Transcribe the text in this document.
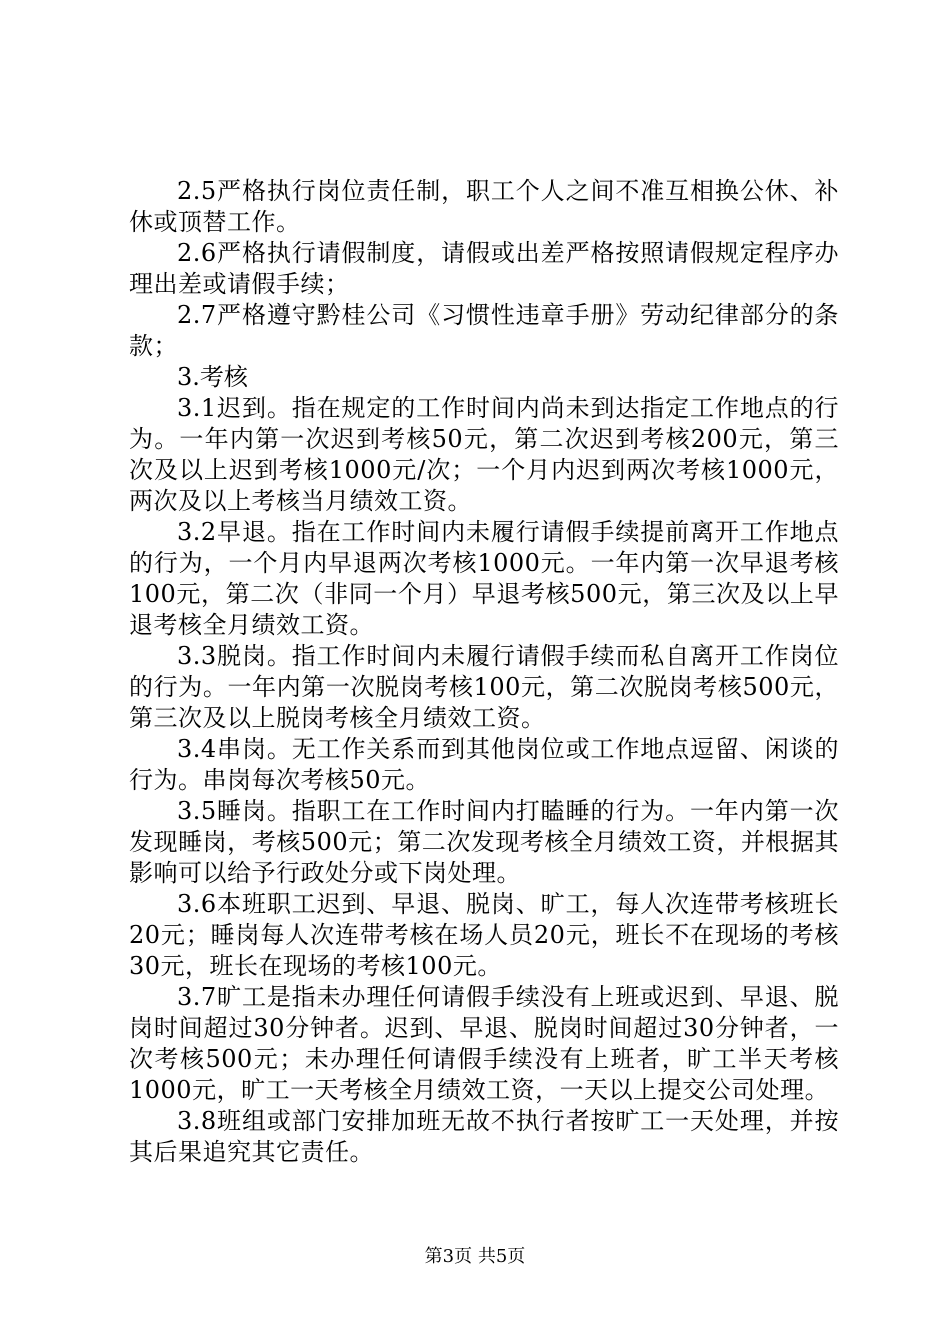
2.5严格执行岗位责任制，职工个人之间不准互相换公休、补休或顶替工作。

2.6严格执行请假制度，请假或出差严格按照请假规定程序办理出差或请假手续；

2.7严格遵守黔桂公司《习惯性违章手册》劳动纪律部分的条款；

3.考核

3.1迟到。指在规定的工作时间内尚未到达指定工作地点的行为。一年内第一次迟到考核50元，第二次迟到考核200元，第三次及以上迟到考核1000元/次；一个月内迟到两次考核1000元，两次及以上考核当月绩效工资。

3.2早退。指在工作时间内未履行请假手续提前离开工作地点的行为，一个月内早退两次考核1000元。一年内第一次早退考核100元，第二次（非同一个月）早退考核500元，第三次及以上早退考核全月绩效工资。

3.3脱岗。指工作时间内未履行请假手续而私自离开工作岗位的行为。一年内第一次脱岗考核100元，第二次脱岗考核500元，第三次及以上脱岗考核全月绩效工资。

3.4串岗。无工作关系而到其他岗位或工作地点逗留、闲谈的行为。串岗每次考核50元。

3.5睡岗。指职工在工作时间内打瞌睡的行为。一年内第一次发现睡岗，考核500元；第二次发现考核全月绩效工资，并根据其影响可以给予行政处分或下岗处理。

3.6本班职工迟到、早退、脱岗、旷工，每人次连带考核班长20元；睡岗每人次连带考核在场人员20元，班长不在现场的考核30元，班长在现场的考核100元。

3.7旷工是指未办理任何请假手续没有上班或迟到、早退、脱岗时间超过30分钟者。迟到、早退、脱岗时间超过30分钟者，一次考核500元；未办理任何请假手续没有上班者，旷工半天考核1000元，旷工一天考核全月绩效工资，一天以上提交公司处理。

3.8班组或部门安排加班无故不执行者按旷工一天处理，并按其后果追究其它责任。

第3页 共5页
